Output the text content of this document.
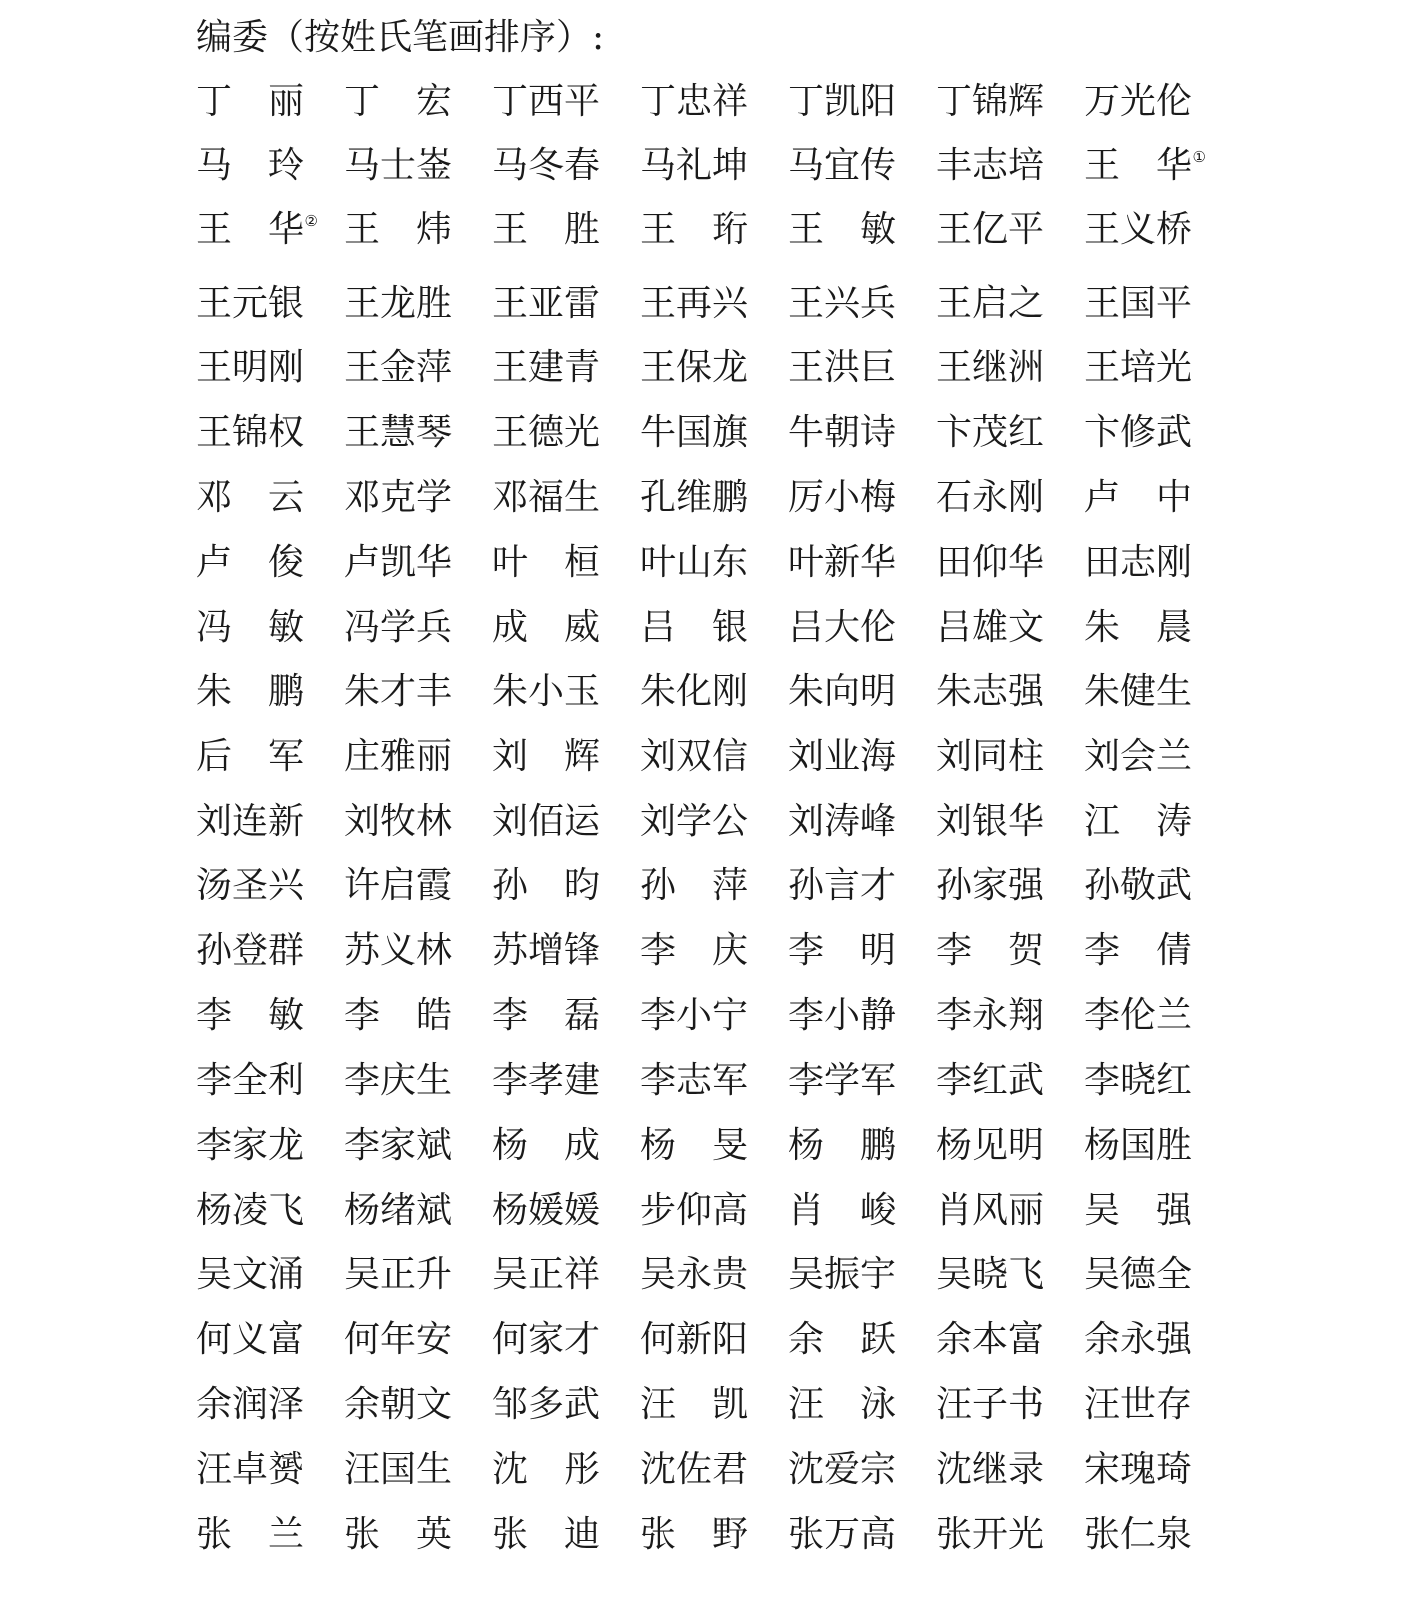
编委（按姓氏笔画排序）:
丁 丽 丁 宏 丁 西 平 丁 忠 祥 丁 凯 阳 丁 锦 辉 万 光 伦
马 玲 马 士 崟 马 冬 春 马 礼 坤 马 宜 传 丰 志 培 王 华 ①
王 华 ② 王 炜 王 胜 王 珩 王 敏 王 亿 平 王 义 桥
王 元 银 王 龙 胜 王 亚 雷 王 再 兴 王 兴 兵 王 启 之 王 国 平
王 明 刚 王 金 萍 王 建 青 王 保 龙 王 洪 巨 王 继 洲 王 培 光
王 锦 权 王 慧 琴 王 德 光 牛 国 旗 牛 朝 诗 卞 茂 红 卞 修 武
邓 云 邓 克 学 邓 福 生 孔 维 鹏 厉 小 梅 石 永 刚 卢 中
卢 俊 卢 凯 华 叶 桓 叶 山 东 叶 新 华 田 仰 华 田 志 刚
冯 敏 冯 学 兵 成 威 吕 银 吕 大 伦 吕 雄 文 朱 晨
朱 鹏 朱 才 丰 朱 小 玉 朱 化 刚 朱 向 明 朱 志 强 朱 健 生
后 军 庄 雅 丽 刘 辉 刘 双 信 刘 业 海 刘 同 柱 刘 会 兰
刘 连 新 刘 牧 林 刘 佰 运 刘 学 公 刘 涛 峰 刘 银 华 江 涛
汤 圣 兴 许 启 霞 孙 昀 孙 萍 孙 言 才 孙 家 强 孙 敬 武
孙 登 群 苏 义 林 苏 增 锋 李 庆 李 明 李 贺 李 倩
李 敏 李 皓 李 磊 李 小 宁 李 小 静 李 永 翔 李 伦 兰
李 全 利 李 庆 生 李 孝 建 李 志 军 李 学 军 李 红 武 李 晓 红
李 家 龙 李 家 斌 杨 成 杨 旻 杨 鹏 杨 见 明 杨 国 胜
杨 凌 飞 杨 绪 斌 杨 媛 媛 步 仰 高 肖 峻 肖 风 丽 吴 强
吴 文 涌 吴 正 升 吴 正 祥 吴 永 贵 吴 振 宇 吴 晓 飞 吴 德 全
何 义 富 何 年 安 何 家 才 何 新 阳 余 跃 余 本 富 余 永 强
余 润 泽 余 朝 文 邹 多 武 汪 凯 汪 泳 汪 子 书 汪 世 存
汪 卓 赟 汪 国 生 沈 彤 沈 佐 君 沈 爱 宗 沈 继 录 宋 瑰 琦
张 兰 张 英 张 迪 张 野 张 万 高 张 开 光 张 仁 泉
